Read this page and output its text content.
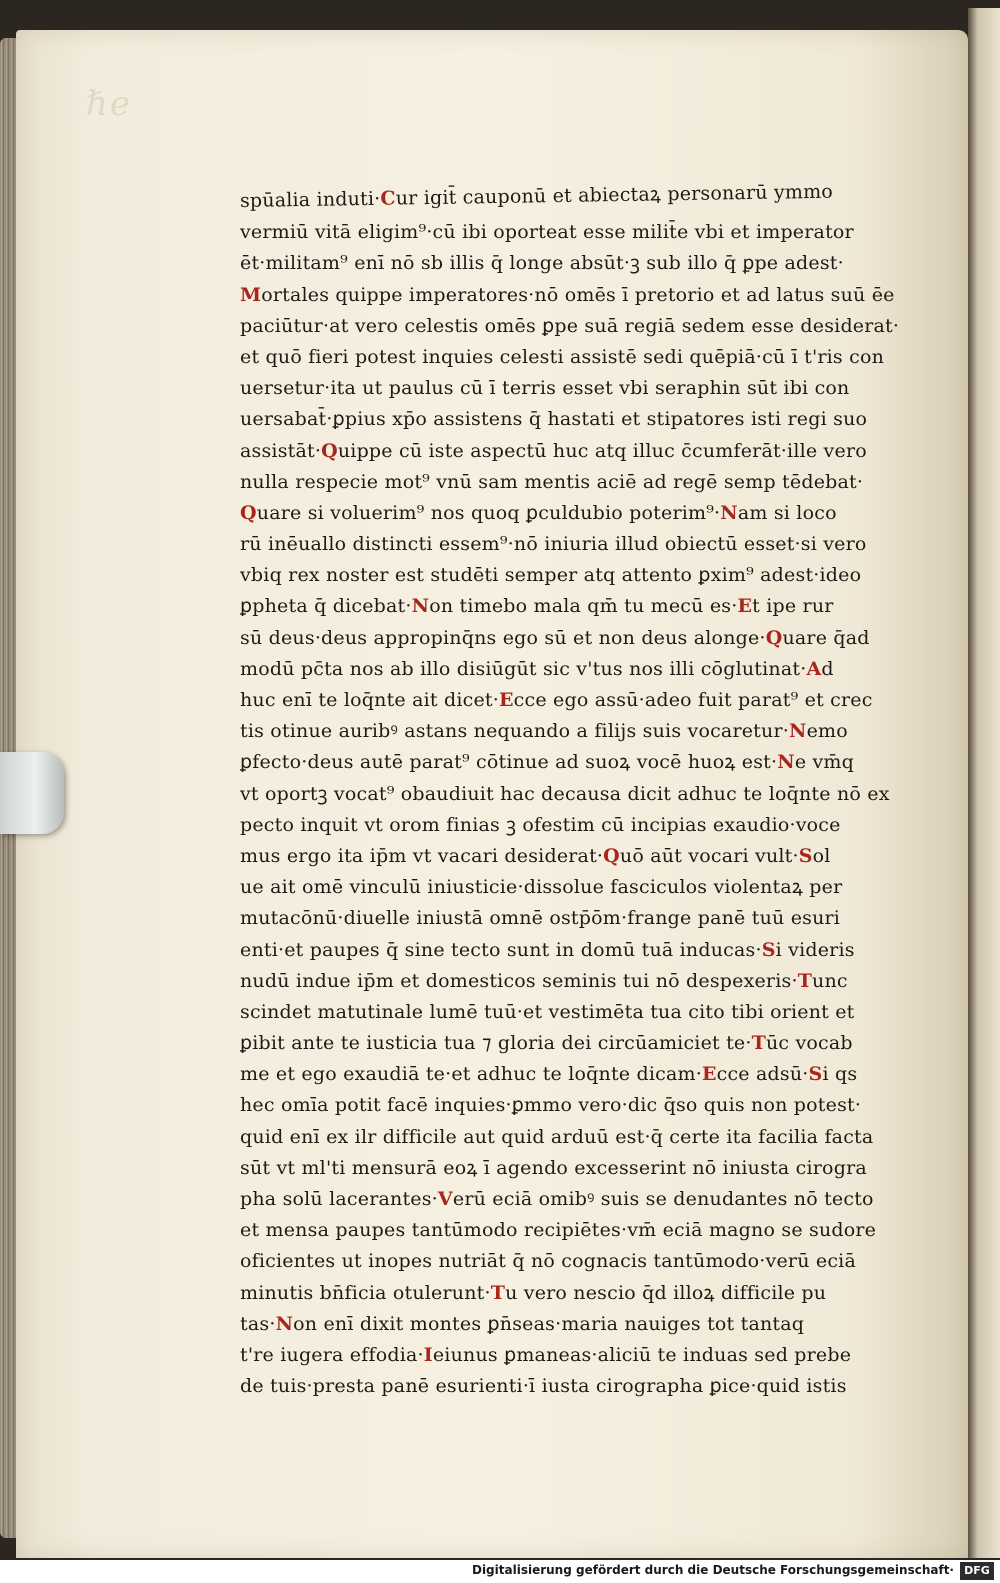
ℏℯ
spūalia induti·Cur igit̄ cauponū et abiectaꝝ personarū ymmo
vermiū vitā eligim⁹·cū ibi oporteat esse milit̄e vbi et imperator
ēt·militam⁹ enī nō sb illis q̄ longe absūt·ꝫ sub illo q̄ ꝑpe adest·
Mortales quippe imperatores·nō omēs ī pretorio et ad latus suū ēe
paciūtur·at vero celestis omēs ꝑpe suā regiā sedem esse desiderat·
et quō fieri potest inquies celesti assistē sedi quēpiā·cū ī t'ris con
uersetur·ita ut paulus cū ī terris esset vbi seraphin sūt ibi con
uersabat̄·ꝑpius xp̄o assistens q̄ hastati et stipatores isti regi suo
assistāt·Quippe cū iste aspectū huc atq illuc c̄cumferāt·ille vero
nulla respecie mot⁹ vnū sam mentis aciē ad regē semp tēdebat·
Quare si voluerim⁹ nos quoq ꝑculdubio poterim⁹·Nam si loco
rū inēuallo distincti essem⁹·nō iniuria illud obiectū esset·si vero
vbiq rex noster est studēti semper atq attento ꝑxim⁹ adest·ideo
ꝑpheta q̄ dicebat·Non timebo mala qm̄ tu mecū es·Et ipe rur
sū deus·deus appropinq̄ns ego sū et non deus alonge·Quare q̄ad
modū pc̄ta nos ab illo disiūgūt sic v'tus nos illi cōglutinat·Ad
huc enī te loq̄nte ait dicet·Ecce ego assū·adeo fuit parat⁹ et crec
tis otinue auribꝰ astans nequando a filijs suis vocaretur·Nemo
ꝑfecto·deus autē parat⁹ cōtinue ad suoꝝ vocē huoꝝ est·Ne vm̄q
vt oportꝫ vocat⁹ obaudiuit hac decausa dicit adhuc te loq̄nte nō ex
pecto inquit vt orom finias ꝫ ofestim cū incipias exaudio·voce
mus ergo ita ip̄m vt vacari desiderat·Quō aūt vocari vult·Sol
ue ait omē vinculū iniusticie·dissolue fasciculos violentaꝝ per
mutacōnū·diuelle iniustā omnē ostp̄ōm·frange panē tuū esuri
enti·et paupes q̄ sine tecto sunt in domū tuā inducas·Si videris
nudū indue ip̄m et domesticos seminis tui nō despexeris·Tunc
scindet matutinale lumē tuū·et vestimēta tua cito tibi orient et
ꝑibit ante te iusticia tua ⁊ gloria dei circūamiciet te·Tūc vocab
me et ego exaudiā te·et adhuc te loq̄nte dicam·Ecce adsū·Si qs
hec omīa potit facē inquies·ꝑmmo vero·dic q̄so quis non potest·
quid enī ex ilr difficile aut quid arduū est·q̄ certe ita facilia facta
sūt vt ml'ti mensurā eoꝝ ī agendo excesserint nō iniusta cirogra
pha solū lacerantes·Verū eciā omibꝰ suis se denudantes nō tecto
et mensa paupes tantūmodo recipiētes·vm̄ eciā magno se sudore
oficientes ut inopes nutriāt q̄ nō cognacis tantūmodo·verū eciā
minutis bn̄ficia otulerunt·Tu vero nescio q̄d illoꝝ difficile pu
tas·Non enī dixit montes ꝑn̄seas·maria nauiges tot tantaq
t're iugera effodia·Ieiunus ꝑmaneas·aliciū te induas sed prebe
de tuis·presta panē esurienti·ī iusta cirographa ꝑice·quid istis
Digitalisierung gefördert durch die Deutsche Forschungsgemeinschaft· DFG
